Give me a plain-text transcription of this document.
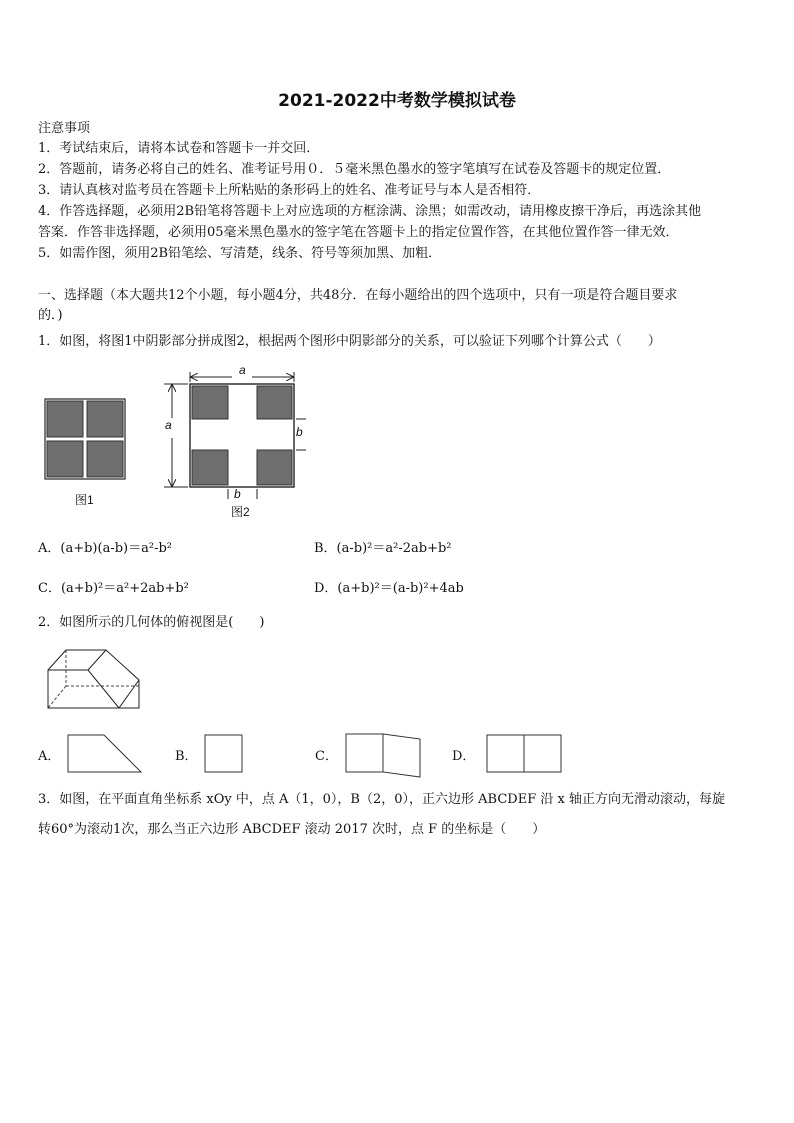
2021-2022中考数学模拟试卷
注意事项
1．考试结束后，请将本试卷和答题卡一并交回．
2．答题前，请务必将自己的姓名、准考证号用０．５毫米黑色墨水的签字笔填写在试卷及答题卡的规定位置．
3．请认真核对监考员在答题卡上所粘贴的条形码上的姓名、准考证号与本人是否相符．
4．作答选择题，必须用2B铅笔将答题卡上对应选项的方框涂满、涂黑；如需改动，请用橡皮擦干净后，再选涂其他
答案．作答非选择题，必须用05毫米黑色墨水的签字笔在答题卡上的指定位置作答，在其他位置作答一律无效．
5．如需作图，须用2B铅笔绘、写清楚，线条、符号等须加黑、加粗．
一、选择题（本大题共12个小题，每小题4分，共48分．在每小题给出的四个选项中，只有一项是符合题目要求
的．)
1．如图，将图1中阴影部分拼成图2，根据两个图形中阴影部分的关系，可以验证下列哪个计算公式（　　）
图1
a
a	b
b
图2
A．(a+b)(a-b)＝a²-b²	B．(a-b)²＝a²-2ab+b²
C．(a+b)²＝a²+2ab+b²	D．(a+b)²＝(a-b)²+4ab
2．如图所示的几何体的俯视图是(　　)
A．	B．	C．	D．
3．如图，在平面直角坐标系 xOy 中，点 A（1，0），B（2，0），正六边形 ABCDEF 沿 x 轴正方向无滑动滚动，每旋
转60°为滚动1次，那么当正六边形 ABCDEF 滚动 2017 次时，点 F 的坐标是（　　）
